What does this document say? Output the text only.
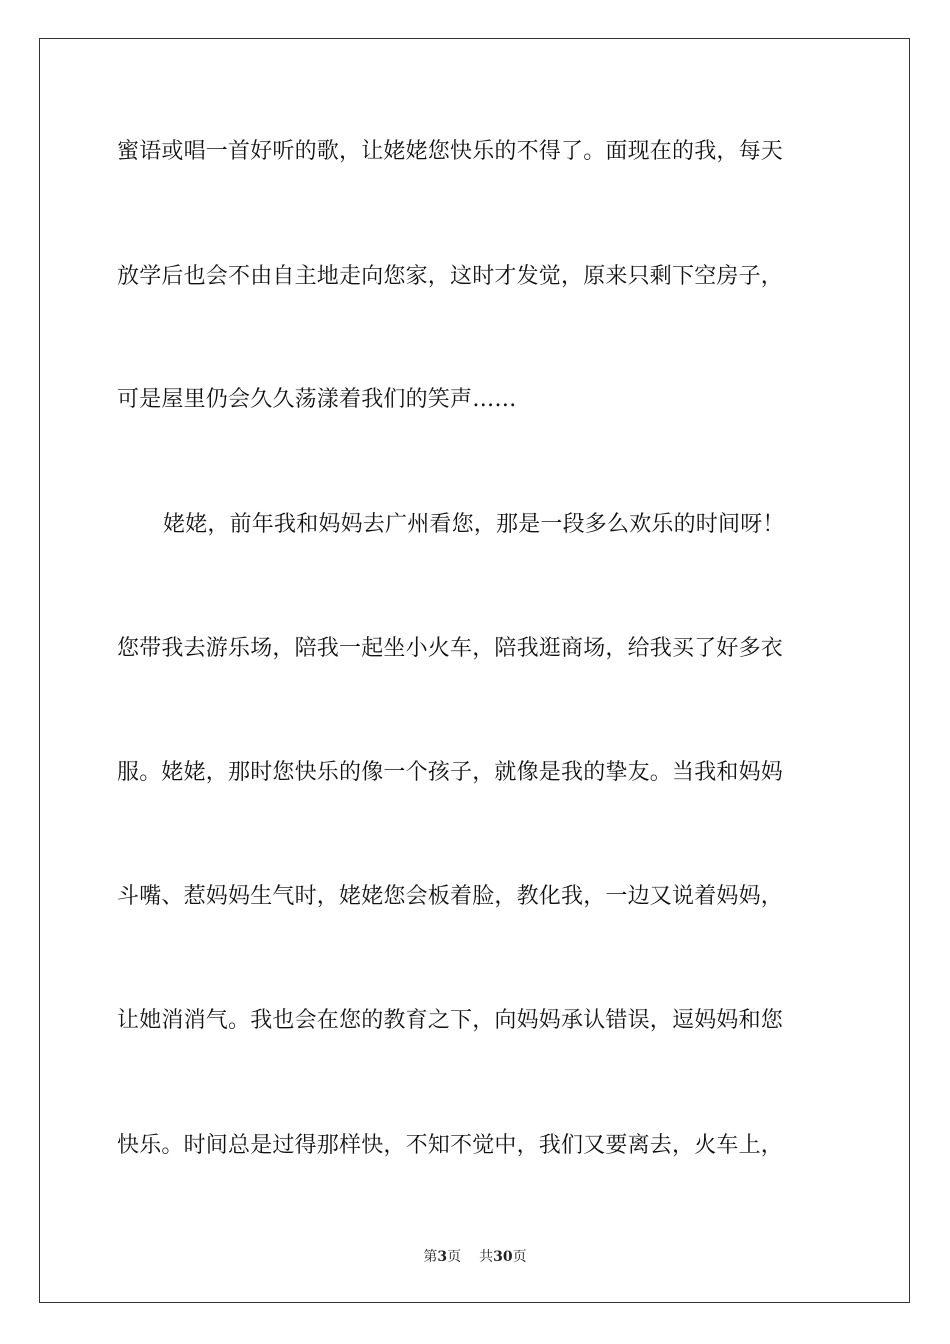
蜜语或唱一首好听的歌，让姥姥您快乐的不得了。面现在的我，每天
放学后也会不由自主地走向您家，这时才发觉，原来只剩下空房子，
可是屋里仍会久久荡漾着我们的笑声……
姥姥，前年我和妈妈去广州看您，那是一段多么欢乐的时间呀！
您带我去游乐场，陪我一起坐小火车，陪我逛商场，给我买了好多衣
服。姥姥，那时您快乐的像一个孩子，就像是我的挚友。当我和妈妈
斗嘴、惹妈妈生气时，姥姥您会板着脸，教化我，一边又说着妈妈，
让她消消气。我也会在您的教育之下，向妈妈承认错误，逗妈妈和您
快乐。时间总是过得那样快，不知不觉中，我们又要离去，火车上，
第3页 共30页
